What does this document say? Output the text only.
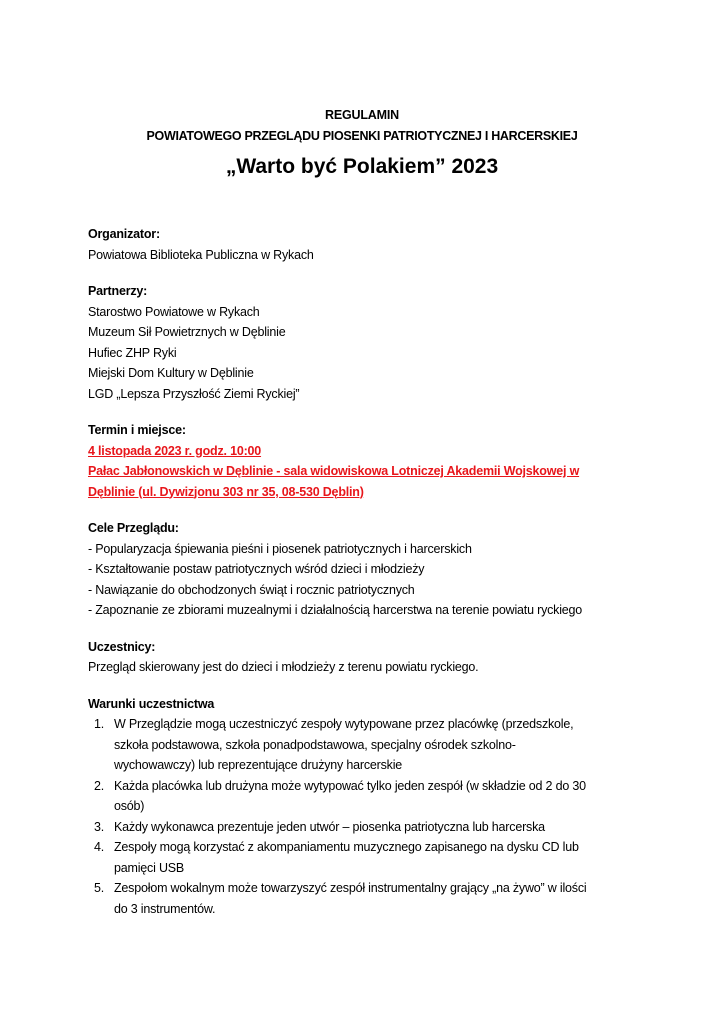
REGULAMIN
POWIATOWEGO PRZEGLĄDU PIOSENKI PATRIOTYCZNEJ I HARCERSKIEJ
„Warto być Polakiem” 2023
Organizator:
Powiatowa Biblioteka Publiczna w Rykach
Partnerzy:
Starostwo Powiatowe w Rykach
Muzeum Sił Powietrznych w Dęblinie
Hufiec ZHP Ryki
Miejski Dom Kultury w Dęblinie
LGD „Lepsza Przyszłość Ziemi Ryckiej”
Termin i miejsce:
4 listopada 2023 r. godz. 10:00
Pałac Jabłonowskich w Dęblinie - sala widowiskowa Lotniczej Akademii Wojskowej w
Dęblinie (ul. Dywizjonu 303 nr 35, 08-530 Dęblin)
Cele Przeglądu:
- Popularyzacja śpiewania pieśni i piosenek patriotycznych i harcerskich
- Kształtowanie postaw patriotycznych wśród dzieci i młodzieży
- Nawiązanie do obchodzonych świąt i rocznic patriotycznych
- Zapoznanie ze zbiorami muzealnymi i działalnością harcerstwa na terenie powiatu ryckiego
Uczestnicy:
Przegląd skierowany jest do dzieci i młodzieży z terenu powiatu ryckiego.
Warunki uczestnictwa
1. W Przeglądzie mogą uczestniczyć zespoły wytypowane przez placówkę (przedszkole,
szkoła podstawowa, szkoła ponadpodstawowa, specjalny ośrodek szkolno-
wychowawczy) lub reprezentujące drużyny harcerskie
2. Każda placówka lub drużyna może wytypować tylko jeden zespół (w składzie od 2 do 30
osób)
3. Każdy wykonawca prezentuje jeden utwór – piosenka patriotyczna lub harcerska
4. Zespoły mogą korzystać z akompaniamentu muzycznego zapisanego na dysku CD lub
pamięci USB
5. Zespołom wokalnym może towarzyszyć zespół instrumentalny grający „na żywo” w ilości
do 3 instrumentów.
